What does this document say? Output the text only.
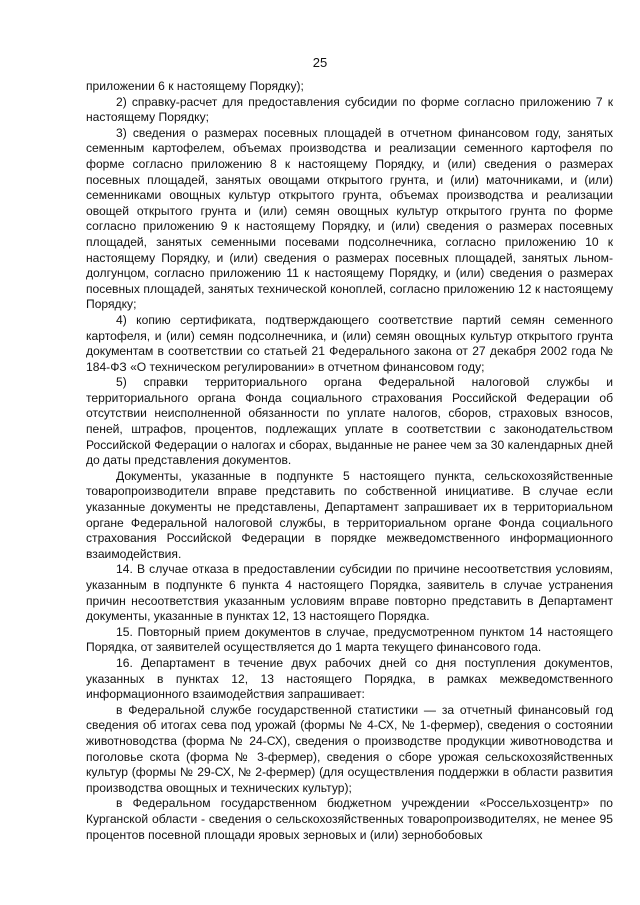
25

приложении 6 к настоящему Порядку);

2) справку-расчет для предоставления субсидии по форме согласно приложению 7 к настоящему Порядку;

3) сведения о размерах посевных площадей в отчетном финансовом году, занятых семенным картофелем, объемах производства и реализации семенного картофеля по форме согласно приложению 8 к настоящему Порядку, и (или) сведения о размерах посевных площадей, занятых овощами открытого грунта, и (или) маточниками, и (или) семенниками овощных культур открытого грунта, объемах производства и реализации овощей открытого грунта и (или) семян овощных культур открытого грунта по форме согласно приложению 9 к настоящему Порядку, и (или) сведения о размерах посевных площадей, занятых семенными посевами подсолнечника, согласно приложению 10 к настоящему Порядку, и (или) сведения о размерах посевных площадей, занятых льном-долгунцом, согласно приложению 11 к настоящему Порядку, и (или) сведения о размерах посевных площадей, занятых технической коноплей, согласно приложению 12 к настоящему Порядку;

4) копию сертификата, подтверждающего соответствие партий семян семенного картофеля, и (или) семян подсолнечника, и (или) семян овощных культур открытого грунта документам в соответствии со статьей 21 Федерального закона от 27 декабря 2002 года № 184-ФЗ «О техническом регулировании» в отчетном финансовом году;

5) справки территориального органа Федеральной налоговой службы и территориального органа Фонда социального страхования Российской Федерации об отсутствии неисполненной обязанности по уплате налогов, сборов, страховых взносов, пеней, штрафов, процентов, подлежащих уплате в соответствии с законодательством Российской Федерации о налогах и сборах, выданные не ранее чем за 30 календарных дней до даты представления документов.

Документы, указанные в подпункте 5 настоящего пункта, сельскохозяйственные товаропроизводители вправе представить по собственной инициативе. В случае если указанные документы не представлены, Департамент запрашивает их в территориальном органе Федеральной налоговой службы, в территориальном органе Фонда социального страхования Российской Федерации в порядке межведомственного информационного взаимодействия.

14. В случае отказа в предоставлении субсидии по причине несоответствия условиям, указанным в подпункте 6 пункта 4 настоящего Порядка, заявитель в случае устранения причин несоответствия указанным условиям вправе повторно представить в Департамент документы, указанные в пунктах 12, 13 настоящего Порядка.

15. Повторный прием документов в случае, предусмотренном пунктом 14 настоящего Порядка, от заявителей осуществляется до 1 марта текущего финансового года.

16. Департамент в течение двух рабочих дней со дня поступления документов, указанных в пунктах 12, 13 настоящего Порядка, в рамках межведомственного информационного взаимодействия запрашивает:

в Федеральной службе государственной статистики — за отчетный финансовый год сведения об итогах сева под урожай (формы № 4-СХ, № 1-фермер), сведения о состоянии животноводства (форма № 24-СХ), сведения о производстве продукции животноводства и поголовье скота (форма № 3-фермер), сведения о сборе урожая сельскохозяйственных культур (формы № 29-СХ, № 2-фермер) (для осуществления поддержки в области развития производства овощных и технических культур);

в Федеральном государственном бюджетном учреждении «Россельхозцентр» по Курганской области - сведения о сельскохозяйственных товаропроизводителях, не менее 95 процентов посевной площади яровых зерновых и (или) зернобобовых
